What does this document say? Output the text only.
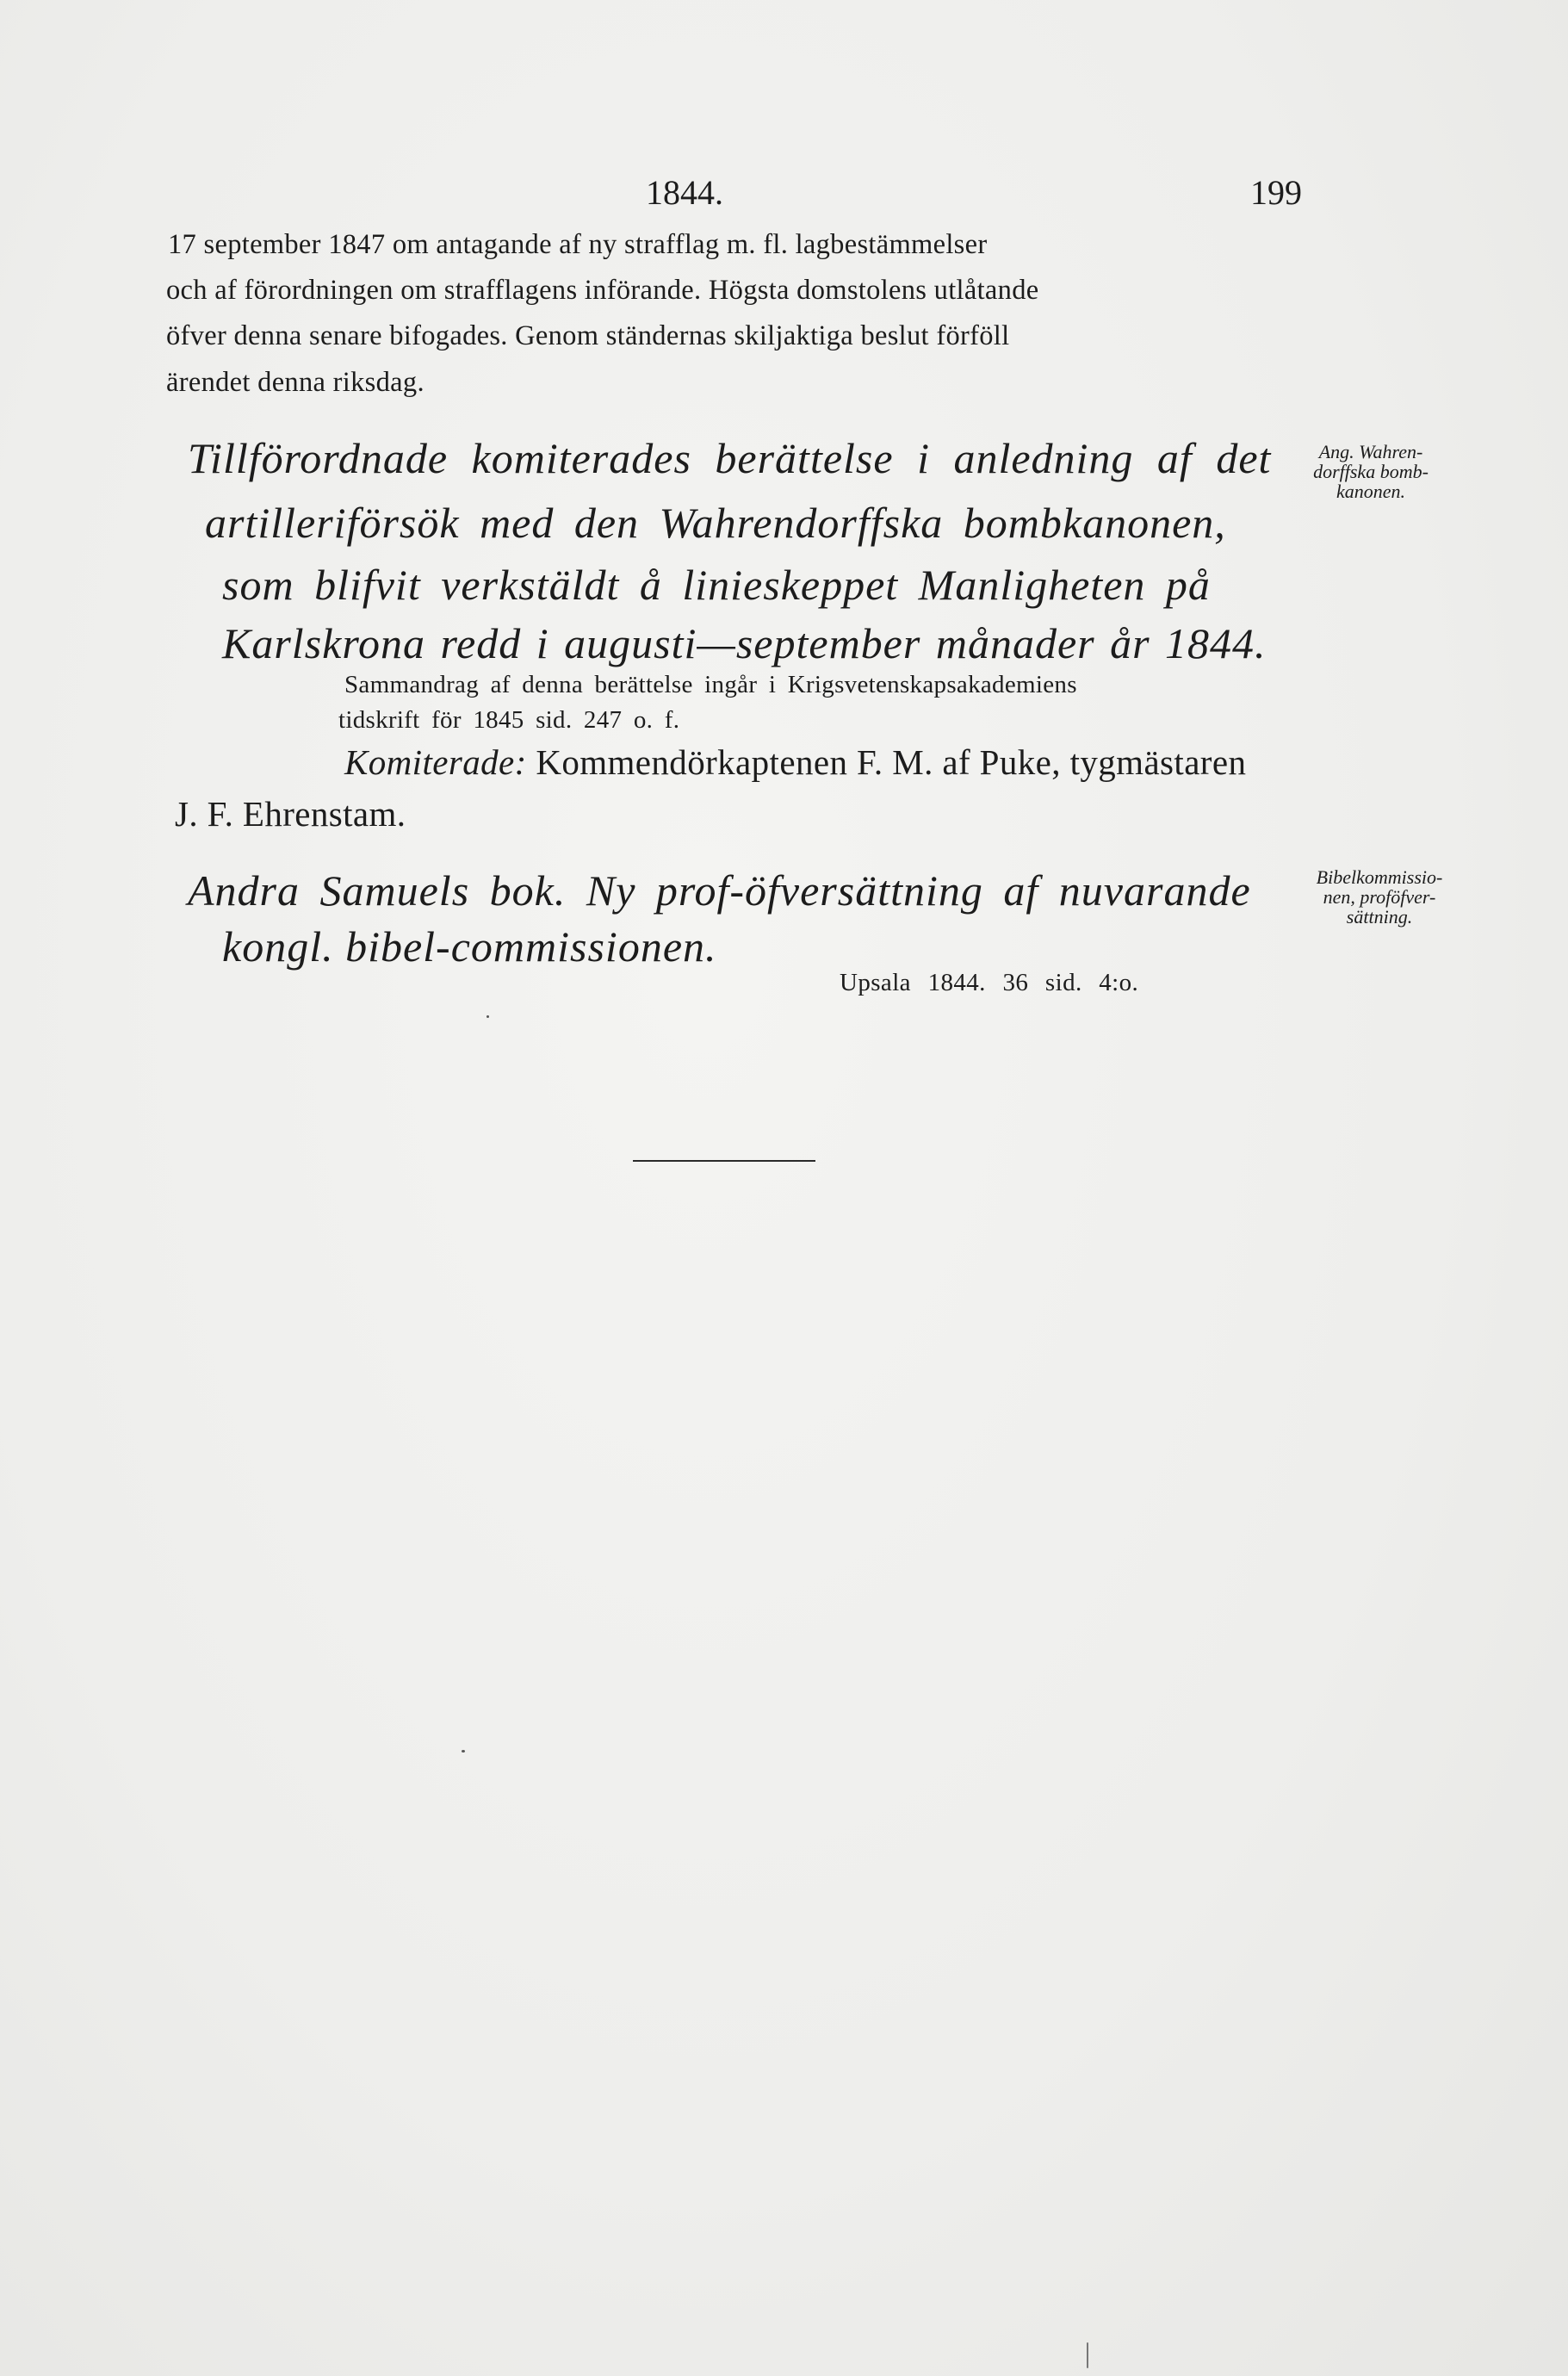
1844.	199
17 september 1847 om antagande af ny strafflag m. fl. lagbestämmelser
och af förordningen om strafflagens införande. Högsta domstolens utlåtande
öfver denna senare bifogades. Genom ständernas skiljaktiga beslut förföll
ärendet denna riksdag.
Tillförordnade komiterades berättelse i anledning af det
artilleriförsök med den Wahrendorffska bombkanonen,
som blifvit verkstäldt å linieskeppet Manligheten på
Karlskrona redd i augusti—september månader år 1844.
Ang. Wahren-
dorffska bomb-
kanonen.
Sammandrag af denna berättelse ingår i Krigsvetenskapsakademiens
tidskrift för 1845 sid. 247 o. f.
Komiterade: Kommendörkaptenen F. M. af Puke, tygmästaren
J. F. Ehrenstam.
Andra Samuels bok. Ny prof-öfversättning af nuvarande
kongl. bibel-commissionen.
Bibelkommissio-
nen, proföfver-
sättning.
Upsala 1844. 36 sid. 4:o.
